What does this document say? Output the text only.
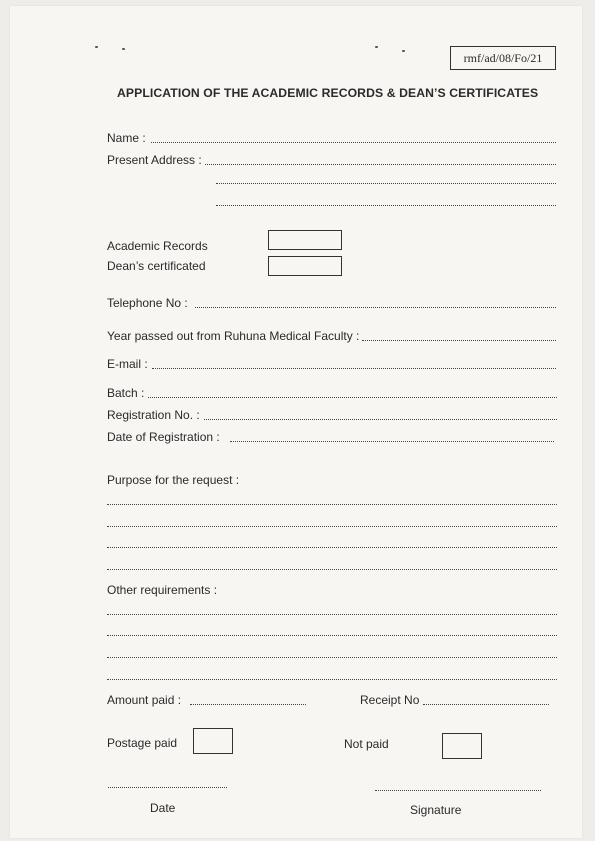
rmf/ad/08/Fo/21
APPLICATION OF THE ACADEMIC RECORDS & DEAN’S CERTIFICATES
Name :
Present Address :
Academic Records
Dean’s certificated
Telephone No :
Year passed out from Ruhuna Medical Faculty :
E-mail :
Batch :
Registration No. :
Date of Registration :
Purpose for the request :
Other requirements :
Amount paid :	Receipt No
Postage paid	Not paid
Date	Signature
